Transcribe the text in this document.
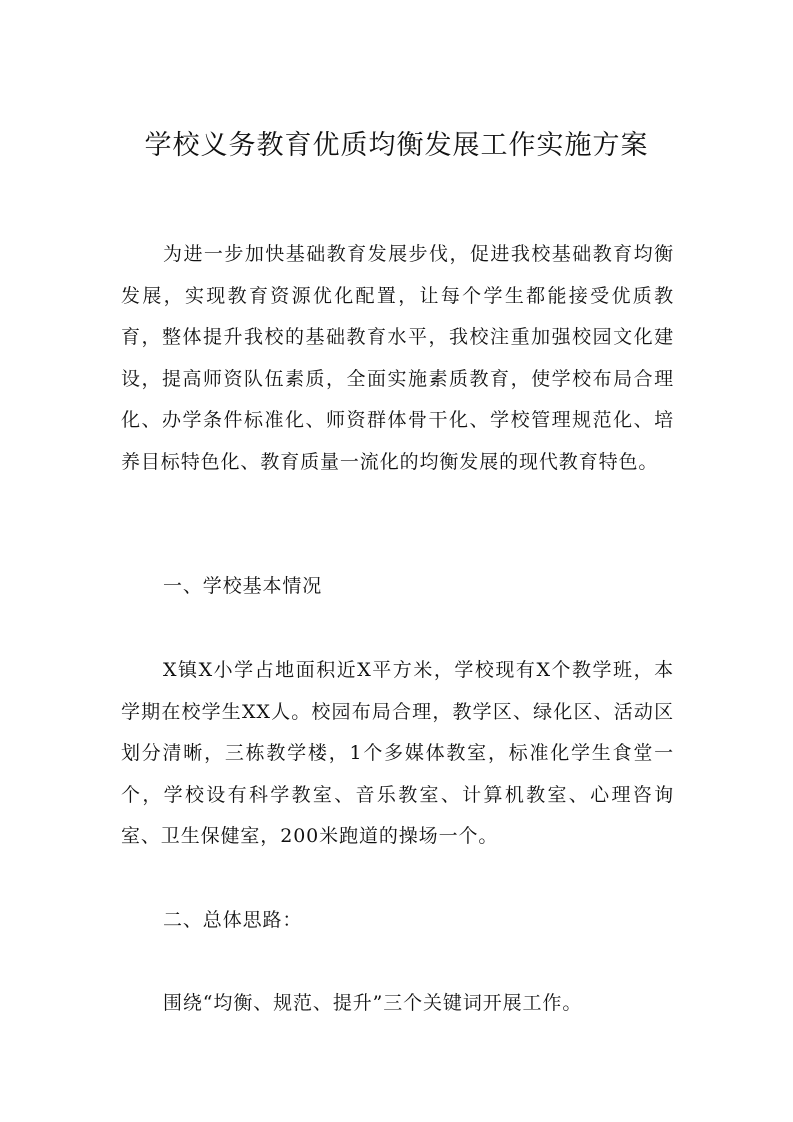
学校义务教育优质均衡发展工作实施方案

为进一步加快基础教育发展步伐，促进我校基础教育均衡发展，实现教育资源优化配置，让每个学生都能接受优质教育，整体提升我校的基础教育水平，我校注重加强校园文化建设，提高师资队伍素质，全面实施素质教育，使学校布局合理化、办学条件标准化、师资群体骨干化、学校管理规范化、培养目标特色化、教育质量一流化的均衡发展的现代教育特色。

一、学校基本情况

X镇X小学占地面积近X平方米，学校现有X个教学班，本学期在校学生XX人。校园布局合理，教学区、绿化区、活动区划分清晰，三栋教学楼，1个多媒体教室，标准化学生食堂一个，学校设有科学教室、音乐教室、计算机教室、心理咨询室、卫生保健室，200米跑道的操场一个。

二、总体思路：

围绕“均衡、规范、提升”三个关键词开展工作。
